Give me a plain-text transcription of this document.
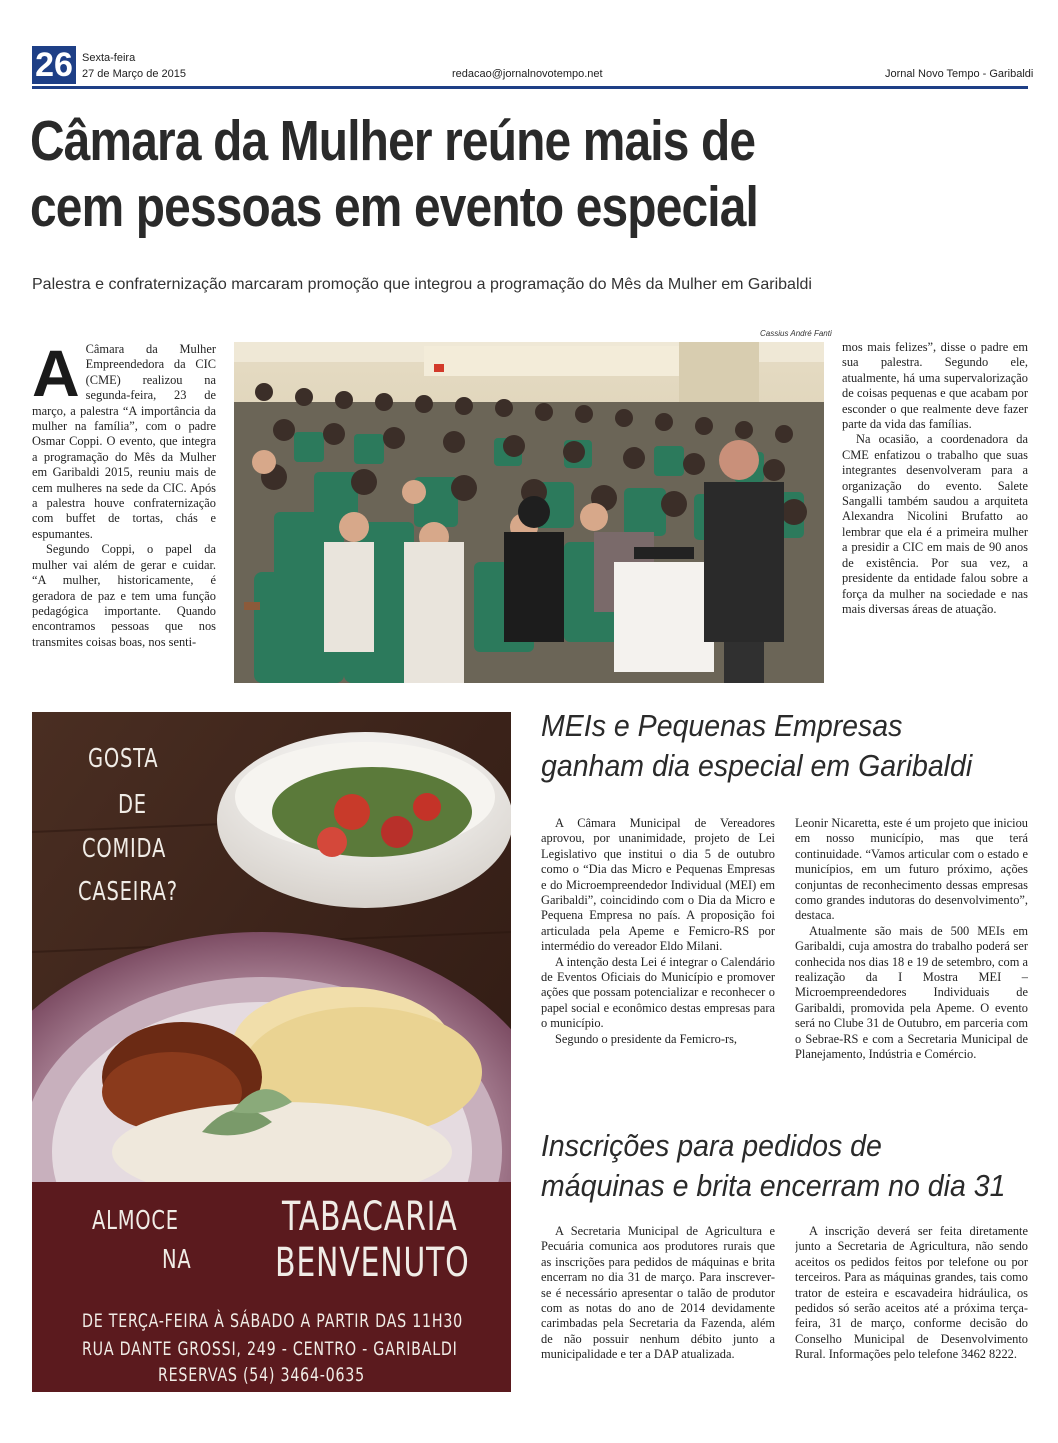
26 Sexta-feira
27 de Março de 2015	redacao@jornalnovotempo.net	Jornal Novo Tempo - Garibaldi
Câmara da Mulher reúne mais de
cem pessoas em evento especial
Palestra e confraternização marcaram promoção que integrou a programação do Mês da Mulher em Garibaldi
A Câmara da Mulher Empreendedora da CIC (CME) realizou na segunda-feira, 23 de março, a palestra “A importância da mulher na família”, com o padre Osmar Coppi. O evento, que integra a programação do Mês da Mulher em Garibaldi 2015, reuniu mais de cem mulheres na sede da CIC. Após a palestra houve confraternização com buffet de tortas, chás e espumantes.

Segundo Coppi, o papel da mulher vai além de gerar e cuidar. “A mulher, historicamente, é geradora de paz e tem uma função pedagógica importante. Quando encontramos pessoas que nos transmites coisas boas, nos senti-

Cassius André Fanti

mos mais felizes”, disse o padre em sua palestra. Segundo ele, atualmente, há uma supervalorização de coisas pequenas e que acabam por esconder o que realmente deve fazer parte da vida das famílias.

Na ocasião, a coordenadora da CME enfatizou o trabalho que suas integrantes desenvolveram para a organização do evento. Salete Sangalli também saudou a arquiteta Alexandra Nicolini Brufatto ao lembrar que ela é a primeira mulher a presidir a CIC em mais de 90 anos de existência. Por sua vez, a presidente da entidade falou sobre a força da mulher na sociedade e nas mais diversas áreas de atuação.

GOSTA
DE
COMIDA
CASEIRA?
ALMOCE
NA
TABACARIA
BENVENUTO
DE TERÇA-FEIRA À SÁBADO A PARTIR DAS 11H30
RUA DANTE GROSSI, 249 - CENTRO - GARIBALDI
RESERVAS (54) 3464-0635
MEIs e Pequenas Empresas
ganham dia especial em Garibaldi

A Câmara Municipal de Vereadores aprovou, por unanimidade, projeto de Lei Legislativo que institui o dia 5 de outubro como o “Dia das Micro e Pequenas Empresas e do Microempreendedor Individual (MEI) em Garibaldi”, coincidindo com o Dia da Micro e Pequena Empresa no país. A proposição foi articulada pela Apeme e Femicro-RS por intermédio do vereador Eldo Milani.

A intenção desta Lei é integrar o Calendário de Eventos Oficiais do Município e promover ações que possam potencializar e reconhecer o papel social e econômico destas empresas para o município.

Segundo o presidente da Femicro-rs,

Leonir Nicaretta, este é um projeto que iniciou em nosso município, mas que terá continuidade. “Vamos articular com o estado e municípios, em um futuro próximo, ações conjuntas de reconhecimento dessas empresas como grandes indutoras do desenvolvimento”, destaca.

Atualmente são mais de 500 MEIs em Garibaldi, cuja amostra do trabalho poderá ser conhecida nos dias 18 e 19 de setembro, com a realização da I Mostra MEI – Microempreendedores Individuais de Garibaldi, promovida pela Apeme. O evento será no Clube 31 de Outubro, em parceria com o Sebrae-RS e com a Secretaria Municipal de Planejamento, Indústria e Comércio.

Inscrições para pedidos de
máquinas e brita encerram no dia 31

A Secretaria Municipal de Agricultura e Pecuária comunica aos produtores rurais que as inscrições para pedidos de máquinas e brita encerram no dia 31 de março. Para inscrever-se é necessário apresentar o talão de produtor com as notas do ano de 2014 devidamente carimbadas pela Secretaria da Fazenda, além de não possuir nenhum débito junto a municipalidade e ter a DAP atualizada.

A inscrição deverá ser feita diretamente junto a Secretaria de Agricultura, não sendo aceitos os pedidos feitos por telefone ou por terceiros. Para as máquinas grandes, tais como trator de esteira e escavadeira hidráulica, os pedidos só serão aceitos até a próxima terça-feira, 31 de março, conforme decisão do Conselho Municipal de Desenvolvimento Rural. Informações pelo telefone 3462 8222.
